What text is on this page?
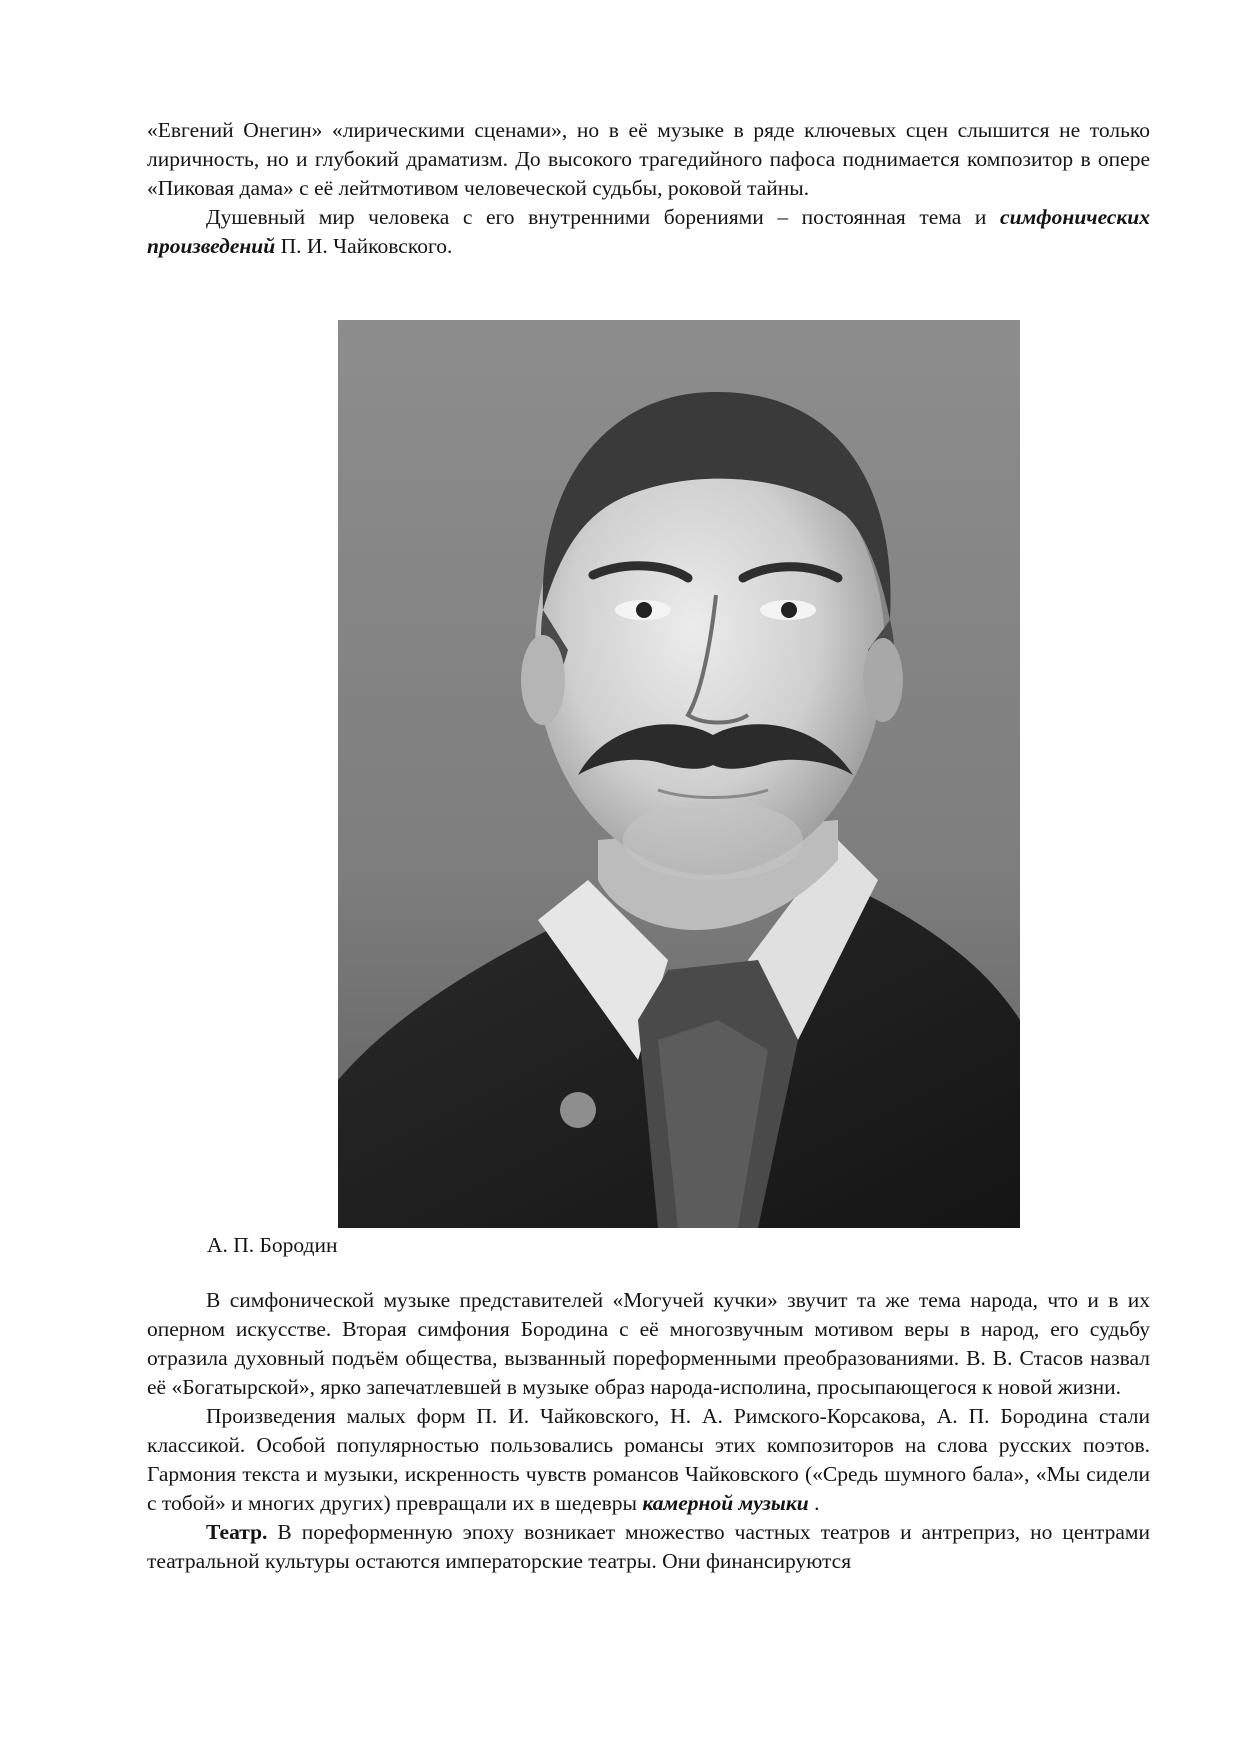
«Евгений Онегин» «лирическими сценами», но в её музыке в ряде ключевых сцен слышится не только лиричность, но и глубокий драматизм. До высокого трагедийного пафоса поднимается композитор в опере «Пиковая дама» с её лейтмотивом человеческой судьбы, роковой тайны.

Душевный мир человека с его внутренними борениями – постоянная тема и симфонических произведений П. И. Чайковского.

А. П. Бородин

В симфонической музыке представителей «Могучей кучки» звучит та же тема народа, что и в их оперном искусстве. Вторая симфония Бородина с её многозвучным мотивом веры в народ, его судьбу отразила духовный подъём общества, вызванный пореформенными преобразованиями. В. В. Стасов назвал её «Богатырской», ярко запечатлевшей в музыке образ народа-исполина, просыпающегося к новой жизни.

Произведения малых форм П. И. Чайковского, Н. А. Римского-Корсакова, А. П. Бородина стали классикой. Особой популярностью пользовались романсы этих композиторов на слова русских поэтов. Гармония текста и музыки, искренность чувств романсов Чайковского («Средь шумного бала», «Мы сидели с тобой» и многих других) превращали их в шедевры камерной музыки .

Театр. В пореформенную эпоху возникает множество частных театров и антреприз, но центрами театральной культуры остаются императорские театры. Они финансируются
